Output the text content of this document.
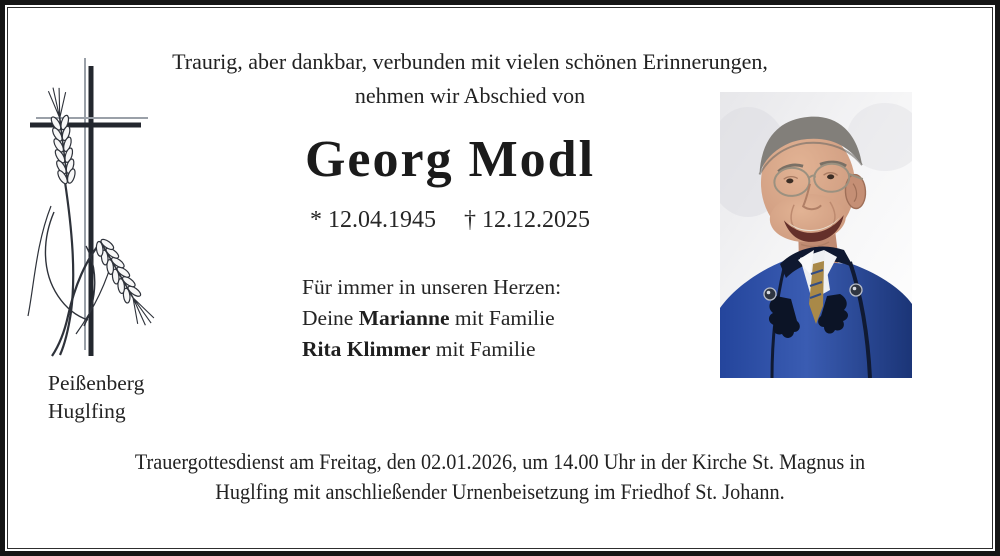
Traurig, aber dankbar, verbunden mit vielen schönen Erinnerungen,
nehmen wir Abschied von
Georg Modl
* 12.04.1945 † 12.12.2025
Für immer in unseren Herzen:
Deine Marianne mit Familie
Rita Klimmer mit Familie
Peißenberg
Huglfing
Trauergottesdienst am Freitag, den 02.01.2026, um 14.00 Uhr in der Kirche St. Magnus in
Huglfing mit anschließender Urnenbeisetzung im Friedhof St. Johann.
